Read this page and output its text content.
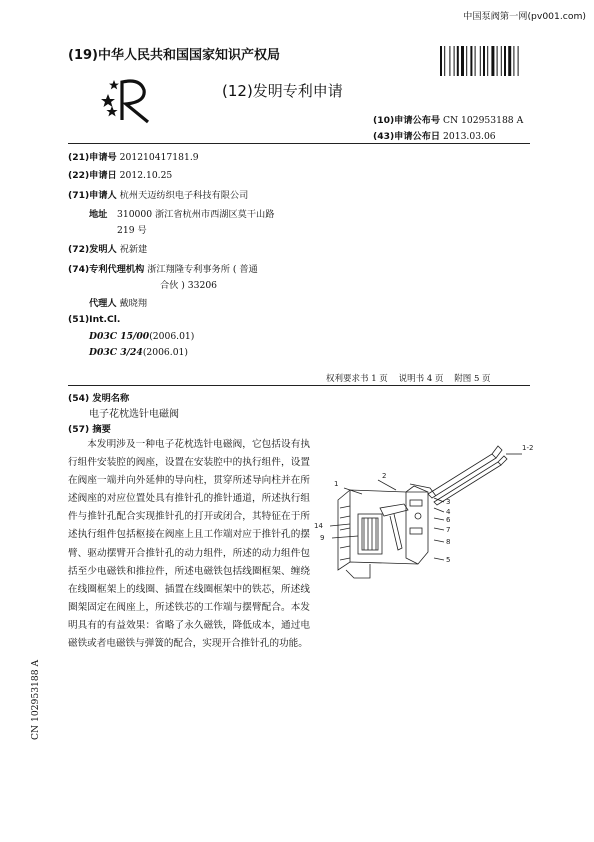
中国泵阀第一网(pv001.com)
(19)中华人民共和国国家知识产权局
(12)发明专利申请
(10)申请公布号 CN 102953188 A
(43)申请公布日 2013.03.06
(21)申请号 201210417181.9
(22)申请日 2012.10.25
(71)申请人 杭州天迈纺织电子科技有限公司
地址 310000 浙江省杭州市西湖区莫干山路
219 号
(72)发明人 祝新建
(74)专利代理机构 浙江翔隆专利事务所 ( 普通
合伙 ) 33206
代理人 戴晓翔
(51)Int.Cl.
D03C 15/00(2006.01)
D03C 3/24(2006.01)
权利要求书 1 页    说明书 4 页    附图 5 页
(54) 发明名称
电子花枕选针电磁阀
(57) 摘要
本发明涉及一种电子花枕选针电磁阀，它包括设有执行组件安装腔的阀座，设置在安装腔中的执行组件，设置在阀座一端并向外延伸的导向柱，贯穿所述导向柱并在所述阀座的对应位置处具有推针孔的推针通道，所述执行组件与推针孔配合实现推针孔的打开或闭合，其特征在于所述执行组件包括枢接在阀座上且工作端对应于推针孔的摆臂、驱动摆臂开合推针孔的动力组件，所述的动力组件包括至少电磁铁和推拉件，所述电磁铁包括线圈框架、缠绕在线圈框架上的线圈、插置在线圈框架中的铁芯，所述线圈架固定在阀座上，所述铁芯的工作端与摆臂配合。本发明具有的有益效果：省略了永久磁铁，降低成本，通过电磁铁或者电磁铁与弹簧的配合，实现开合推针孔的功能。
CN 102953188 A
1-2
2
1
3
4
14
6
9
7
8
5
